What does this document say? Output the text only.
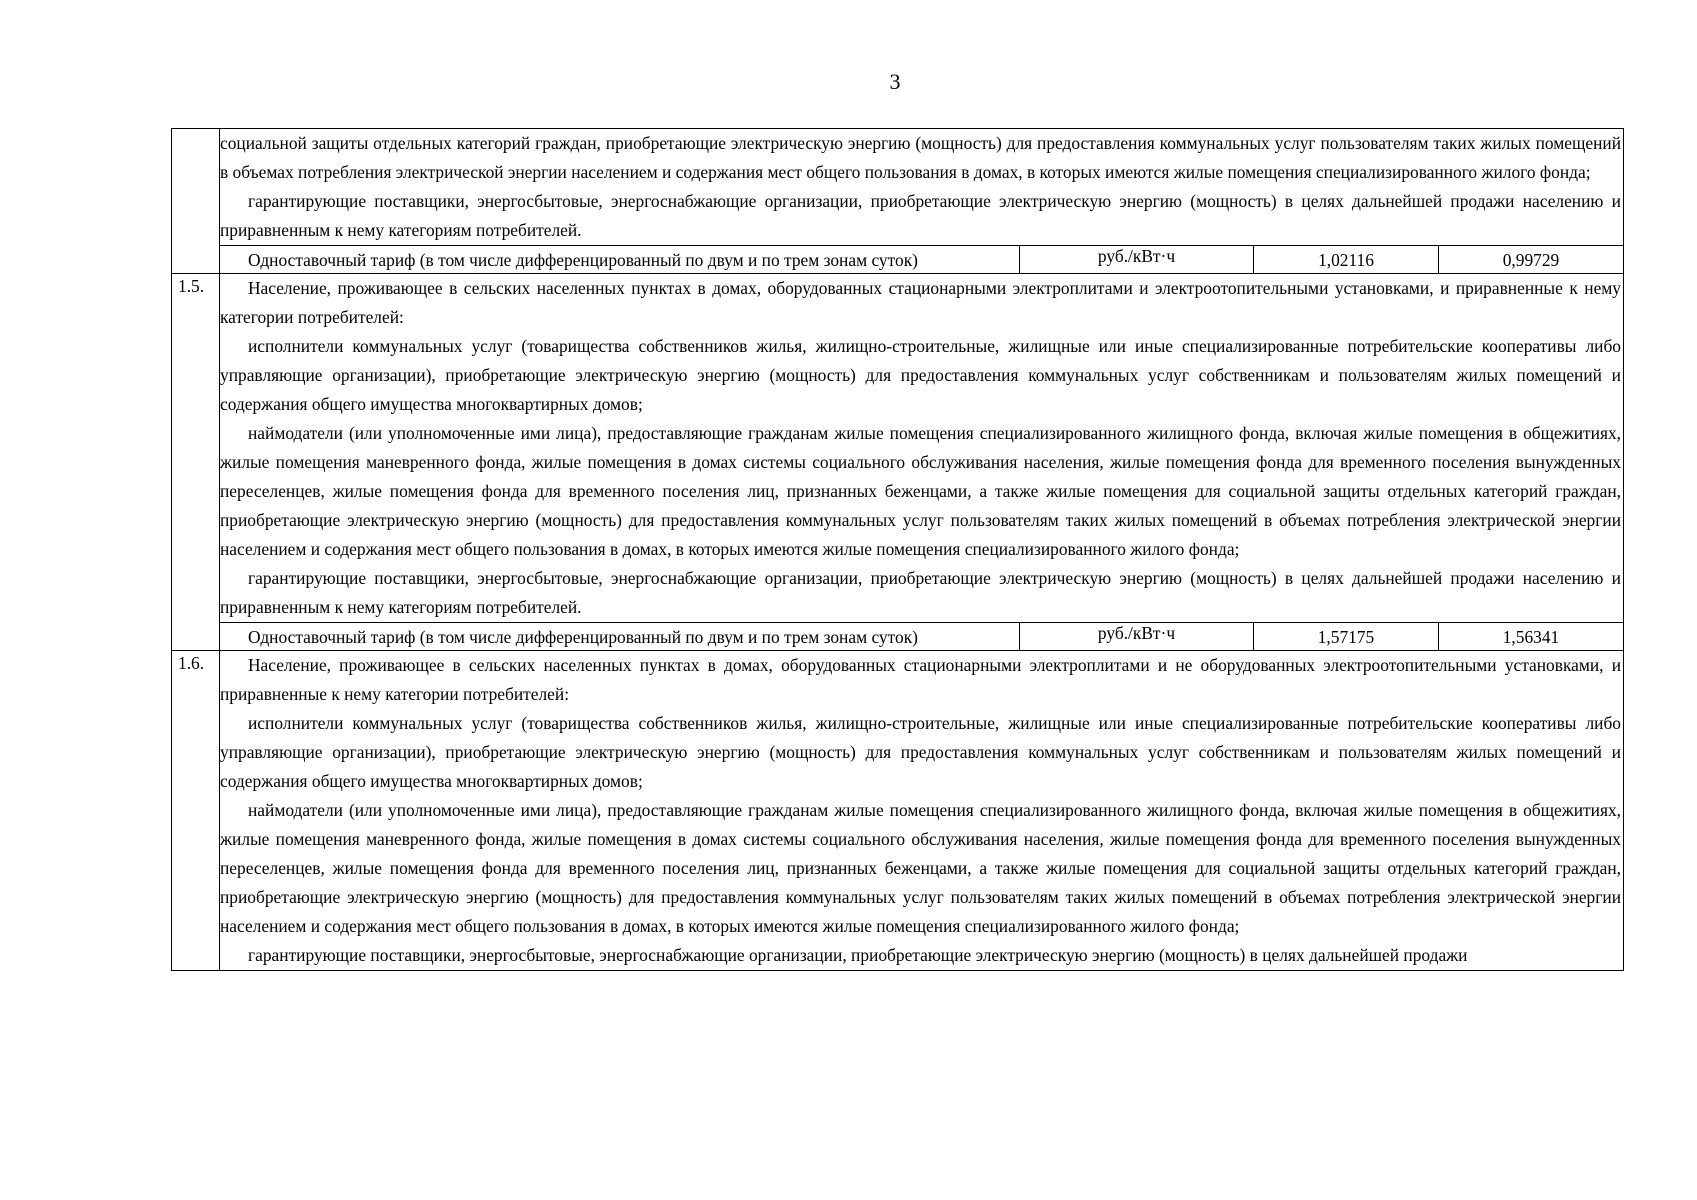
3

	социальной защиты отдельных категорий граждан, приобретающие электрическую энергию (мощность) для предоставления коммунальных услуг пользователям таких жилых помещений в объемах потребления электрической энергии населением и содержания мест общего пользования в домах, в которых имеются жилые помещения специализированного жилого фонда;

гарантирующие поставщики, энергосбытовые, энергоснабжающие организации, приобретающие электрическую энергию (мощность) в целях дальнейшей продажи населению и приравненным к нему категориям потребителей.			

	Одноставочный тариф (в том числе дифференцированный по двум и по трем зонам суток)	руб./кВт·ч	1,02116	0,99729
1.5.	Население, проживающее в сельских населенных пунктах в домах, оборудованных стационарными электроплитами и электроотопительными установками, и приравненные к нему категории потребителей:

исполнители коммунальных услуг (товарищества собственников жилья, жилищно-строительные, жилищные или иные специализированные потребительские кооперативы либо управляющие организации), приобретающие электрическую энергию (мощность) для предоставления коммунальных услуг собственникам и пользователям жилых помещений и содержания общего имущества многоквартирных домов;

наймодатели (или уполномоченные ими лица), предоставляющие гражданам жилые помещения специализированного жилищного фонда, включая жилые помещения в общежитиях, жилые помещения маневренного фонда, жилые помещения в домах системы социального обслуживания населения, жилые помещения фонда для временного поселения вынужденных переселенцев, жилые помещения фонда для временного поселения лиц, признанных беженцами, а также жилые помещения для социальной защиты отдельных категорий граждан, приобретающие электрическую энергию (мощность) для предоставления коммунальных услуг пользователям таких жилых помещений в объемах потребления электрической энергии населением и содержания мест общего пользования в домах, в которых имеются жилые помещения специализированного жилого фонда;

гарантирующие поставщики, энергосбытовые, энергоснабжающие организации, приобретающие электрическую энергию (мощность) в целях дальнейшей продажи населению и приравненным к нему категориям потребителей.			

	Одноставочный тариф (в том числе дифференцированный по двум и по трем зонам суток)	руб./кВт·ч	1,57175	1,56341
1.6.	Население, проживающее в сельских населенных пунктах в домах, оборудованных стационарными электроплитами и не оборудованных электроотопительными установками, и приравненные к нему категории потребителей:

исполнители коммунальных услуг (товарищества собственников жилья, жилищно-строительные, жилищные или иные специализированные потребительские кооперативы либо управляющие организации), приобретающие электрическую энергию (мощность) для предоставления коммунальных услуг собственникам и пользователям жилых помещений и содержания общего имущества многоквартирных домов;

наймодатели (или уполномоченные ими лица), предоставляющие гражданам жилые помещения специализированного жилищного фонда, включая жилые помещения в общежитиях, жилые помещения маневренного фонда, жилые помещения в домах системы социального обслуживания населения, жилые помещения фонда для временного поселения вынужденных переселенцев, жилые помещения фонда для временного поселения лиц, признанных беженцами, а также жилые помещения для социальной защиты отдельных категорий граждан, приобретающие электрическую энергию (мощность) для предоставления коммунальных услуг пользователям таких жилых помещений в объемах потребления электрической энергии населением и содержания мест общего пользования в домах, в которых имеются жилые помещения специализированного жилого фонда;

гарантирующие поставщики, энергосбытовые, энергоснабжающие организации, приобретающие электрическую энергию (мощность) в целях дальнейшей продажи			
